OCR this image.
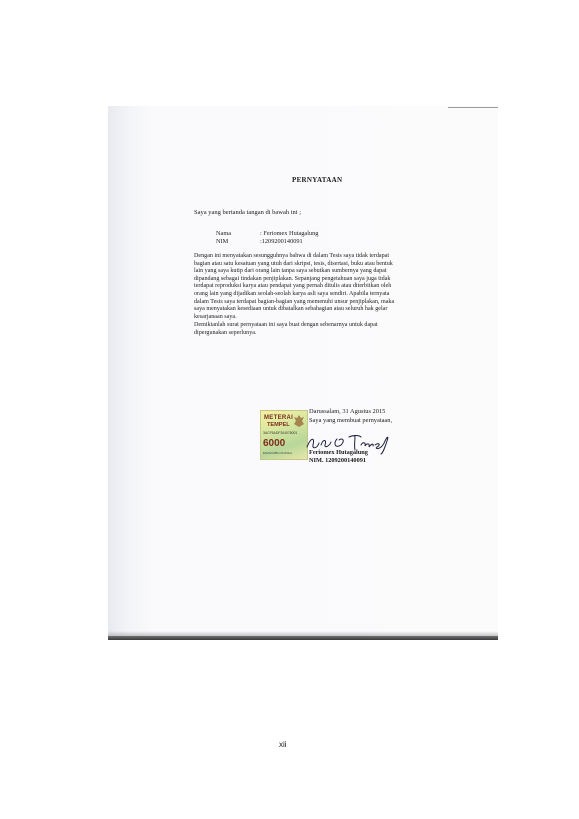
PERNYATAAN
Saya yang bertanda tangan di bawah ini ;
Nama	: Feriomex Hutagalung
NIM	:1209200140091
Dengan ini menyatakan sesungguhnya bahwa di dalam Tesis saya tidak terdapat
bagian atau satu kesatuan yang utuh dari skripsi, tesis, disertasi, buku atau bentuk
lain yang saya kutip dari orang lain tanpa saya sebutkan sumbernya yang dapat
dipandang sebagai tindakan penjiplakan. Sepanjang pengetahuan saya juga tidak
terdapat reproduksi karya atau pendapat yang pernah ditulis atau diterbitkan oleh
orang lain yang dijadikan seolah-seolah karya asli saya sendiri. Apabila ternyata
dalam Tesis saya terdapat bagian-bagian yang memenuhi unsur penjiplakan, maka
saya menyatakan kesediaan untuk dibatalkan sebahagian atau seluruh hak gelar
kesarjanaan saya.
Demikianlah surat pernyataan ini saya buat dengan sebenarnya untuk dapat
dipergunakan seperlunya.
Darussalam, 31 Agustus 2015
Saya yang membuat pernyataan,
METERAI
TEMPEL
3ACF5ADF304078001
6000
ENAM RIBU RUPIAH	Feriomex Hutagalung
NIM. 1209200140091
xii
